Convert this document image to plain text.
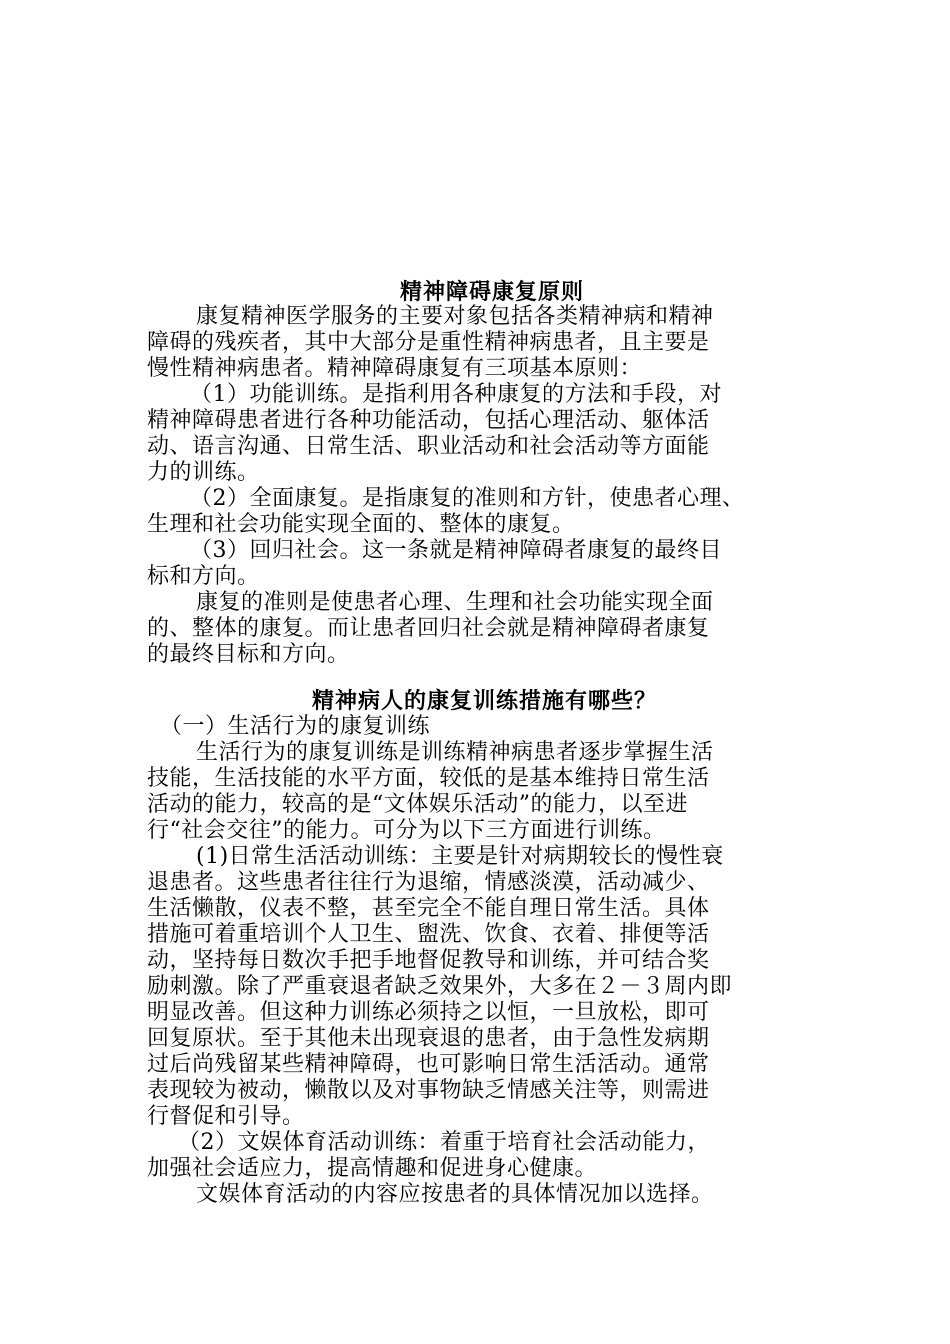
精神障碍康复原则
康复精神医学服务的主要对象包括各类精神病和精神
障碍的残疾者，其中大部分是重性精神病患者，且主要是
慢性精神病患者。精神障碍康复有三项基本原则：
（1）功能训练。是指利用各种康复的方法和手段，对
精神障碍患者进行各种功能活动，包括心理活动、躯体活
动、语言沟通、日常生活、职业活动和社会活动等方面能
力的训练。
（2）全面康复。是指康复的准则和方针，使患者心理、
生理和社会功能实现全面的、整体的康复。
（3）回归社会。这一条就是精神障碍者康复的最终目
标和方向。
康复的准则是使患者心理、生理和社会功能实现全面
的、整体的康复。而让患者回归社会就是精神障碍者康复
的最终目标和方向。
精神病人的康复训练措施有哪些？
（一）生活行为的康复训练
生活行为的康复训练是训练精神病患者逐步掌握生活
技能，生活技能的水平方面，较低的是基本维持日常生活
活动的能力，较高的是“文体娱乐活动”的能力，以至进
行“社会交往”的能力。可分为以下三方面进行训练。
(1)日常生活活动训练：主要是针对病期较长的慢性衰
退患者。这些患者往往行为退缩，情感淡漠，活动减少、
生活懒散，仪表不整，甚至完全不能自理日常生活。具体
措施可着重培训个人卫生、盥洗、饮食、衣着、排便等活
动，坚持每日数次手把手地督促教导和训练，并可结合奖
励刺激。除了严重衰退者缺乏效果外，大多在２－３周内即
明显改善。但这种力训练必须持之以恒，一旦放松，即可
回复原状。至于其他未出现衰退的患者，由于急性发病期
过后尚残留某些精神障碍，也可影响日常生活活动。通常
表现较为被动，懒散以及对事物缺乏情感关注等，则需进
行督促和引导。
（2）文娱体育活动训练：着重于培育社会活动能力，
加强社会适应力，提高情趣和促进身心健康。
文娱体育活动的内容应按患者的具体情况加以选择。
